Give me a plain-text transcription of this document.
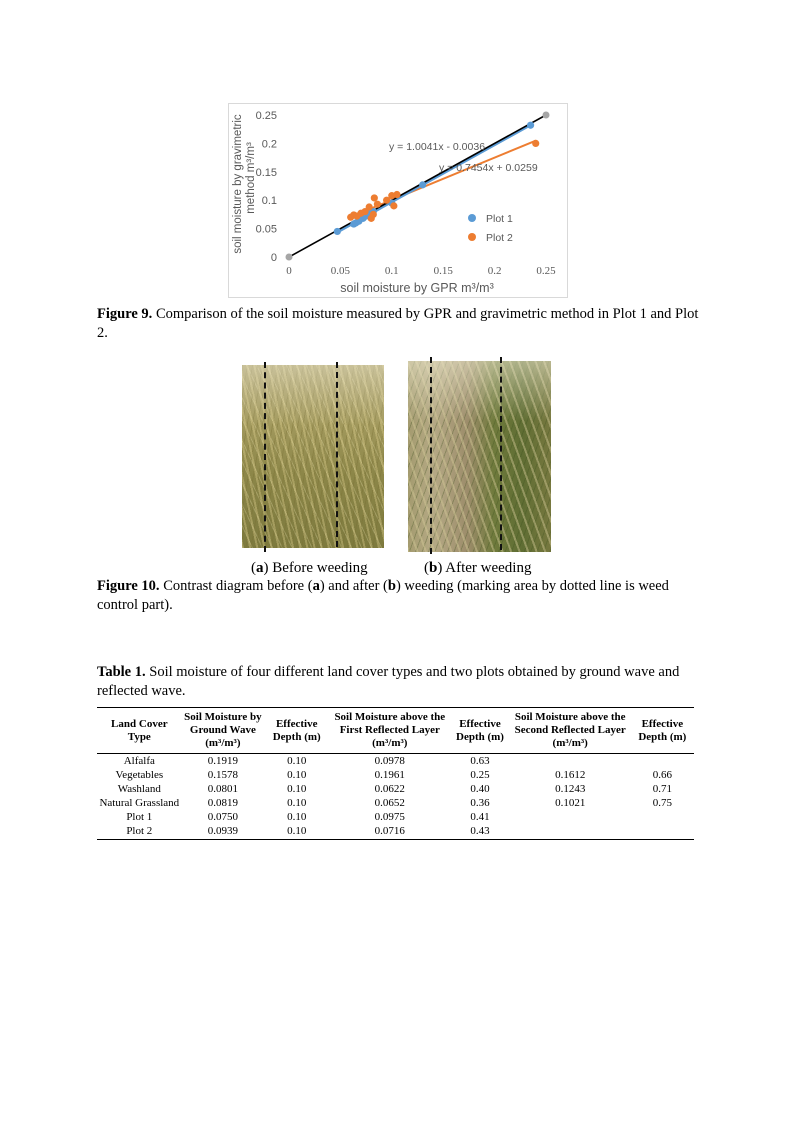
0
0.05
0.1
0.15
0.2
0.25
0	0.05	0.1	0.15	0.2	0.25
y = 1.0041x - 0.0036
y = 0.7454x + 0.0259
Plot 1
Plot 2
soil moisture by GPR m³/m³
soil moisture by gravimetric method m³/m³
Figure 9. Comparison of the soil moisture measured by GPR and gravimetric method in Plot 1 and Plot 2.
(a) Before weeding	(b) After weeding
Figure 10. Contrast diagram before (a) and after (b) weeding (marking area by dotted line is weed control part).
Table 1. Soil moisture of four different land cover types and two plots obtained by ground wave and reflected wave.
Land Cover Type	Soil Moisture by Ground Wave (m³/m³)	Effective Depth (m)	Soil Moisture above the First Reflected Layer (m³/m³)	Effective Depth (m)	Soil Moisture above the Second Reflected Layer (m³/m³)	Effective Depth (m)
Alfalfa	0.1919	0.10	0.0978	0.63		
Vegetables	0.1578	0.10	0.1961	0.25	0.1612	0.66
Washland	0.0801	0.10	0.0622	0.40	0.1243	0.71
Natural Grassland	0.0819	0.10	0.0652	0.36	0.1021	0.75
Plot 1	0.0750	0.10	0.0975	0.41		
Plot 2	0.0939	0.10	0.0716	0.43		
